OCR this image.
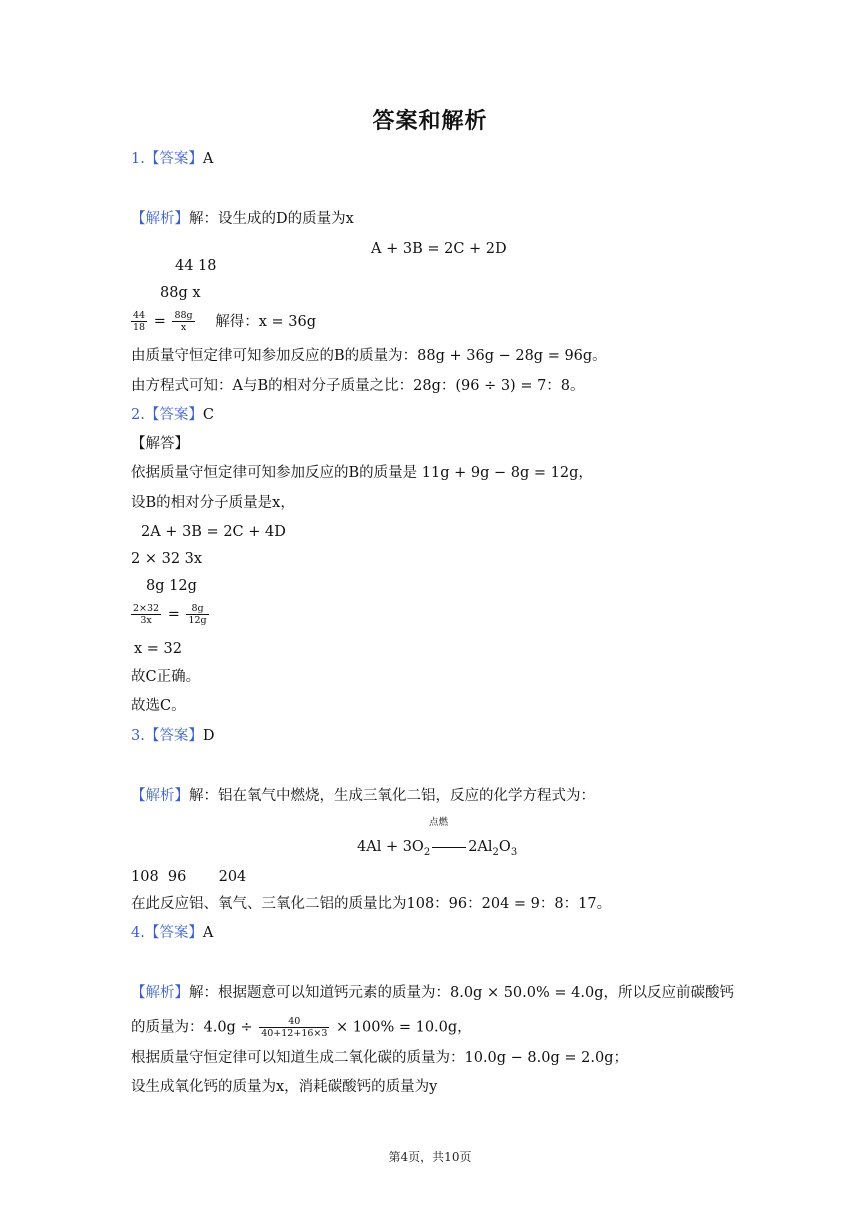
答案和解析
1.【答案】A
【解析】解：设生成的D的质量为x
A + 3B = 2C + 2D
44 18
88g x
$\frac{44}{18} = \frac{88g}{x}$ 解得：x = 36g
由质量守恒定律可知参加反应的B的质量为：88g + 36g − 28g = 96g。
由方程式可知：A与B的相对分子质量之比：28g：(96 ÷ 3) = 7：8。
2.【答案】C
【解答】
依据质量守恒定律可知参加反应的B的质量是 11g + 9g − 8g = 12g，
设B的相对分子质量是x，
2A + 3B = 2C + 4D
2 × 32 3x
8g 12g
$\frac{2\times 32}{3x} = \frac{8g}{12g}$
x = 32
故C正确。
故选C。
3.【答案】D
【解析】解：铝在氧气中燃烧，生成三氧化二铝，反应的化学方程式为：
点燃
$4Al + 3O_2$	$2Al_2O_3$
108  96       204
在此反应铝、氧气、三氧化二铝的质量比为108：96：204 = 9：8：17。
4.【答案】A
【解析】解：根据题意可以知道钙元素的质量为：8.0g × 50.0% = 4.0g，所以反应前碳酸钙
的质量为：$4.0g \div \frac{40}{40+12+16\times 3} \times 100\% = 10.0g$，
根据质量守恒定律可以知道生成二氧化碳的质量为：10.0g − 8.0g = 2.0g；
设生成氧化钙的质量为x，消耗碳酸钙的质量为y
第4页，共10页
